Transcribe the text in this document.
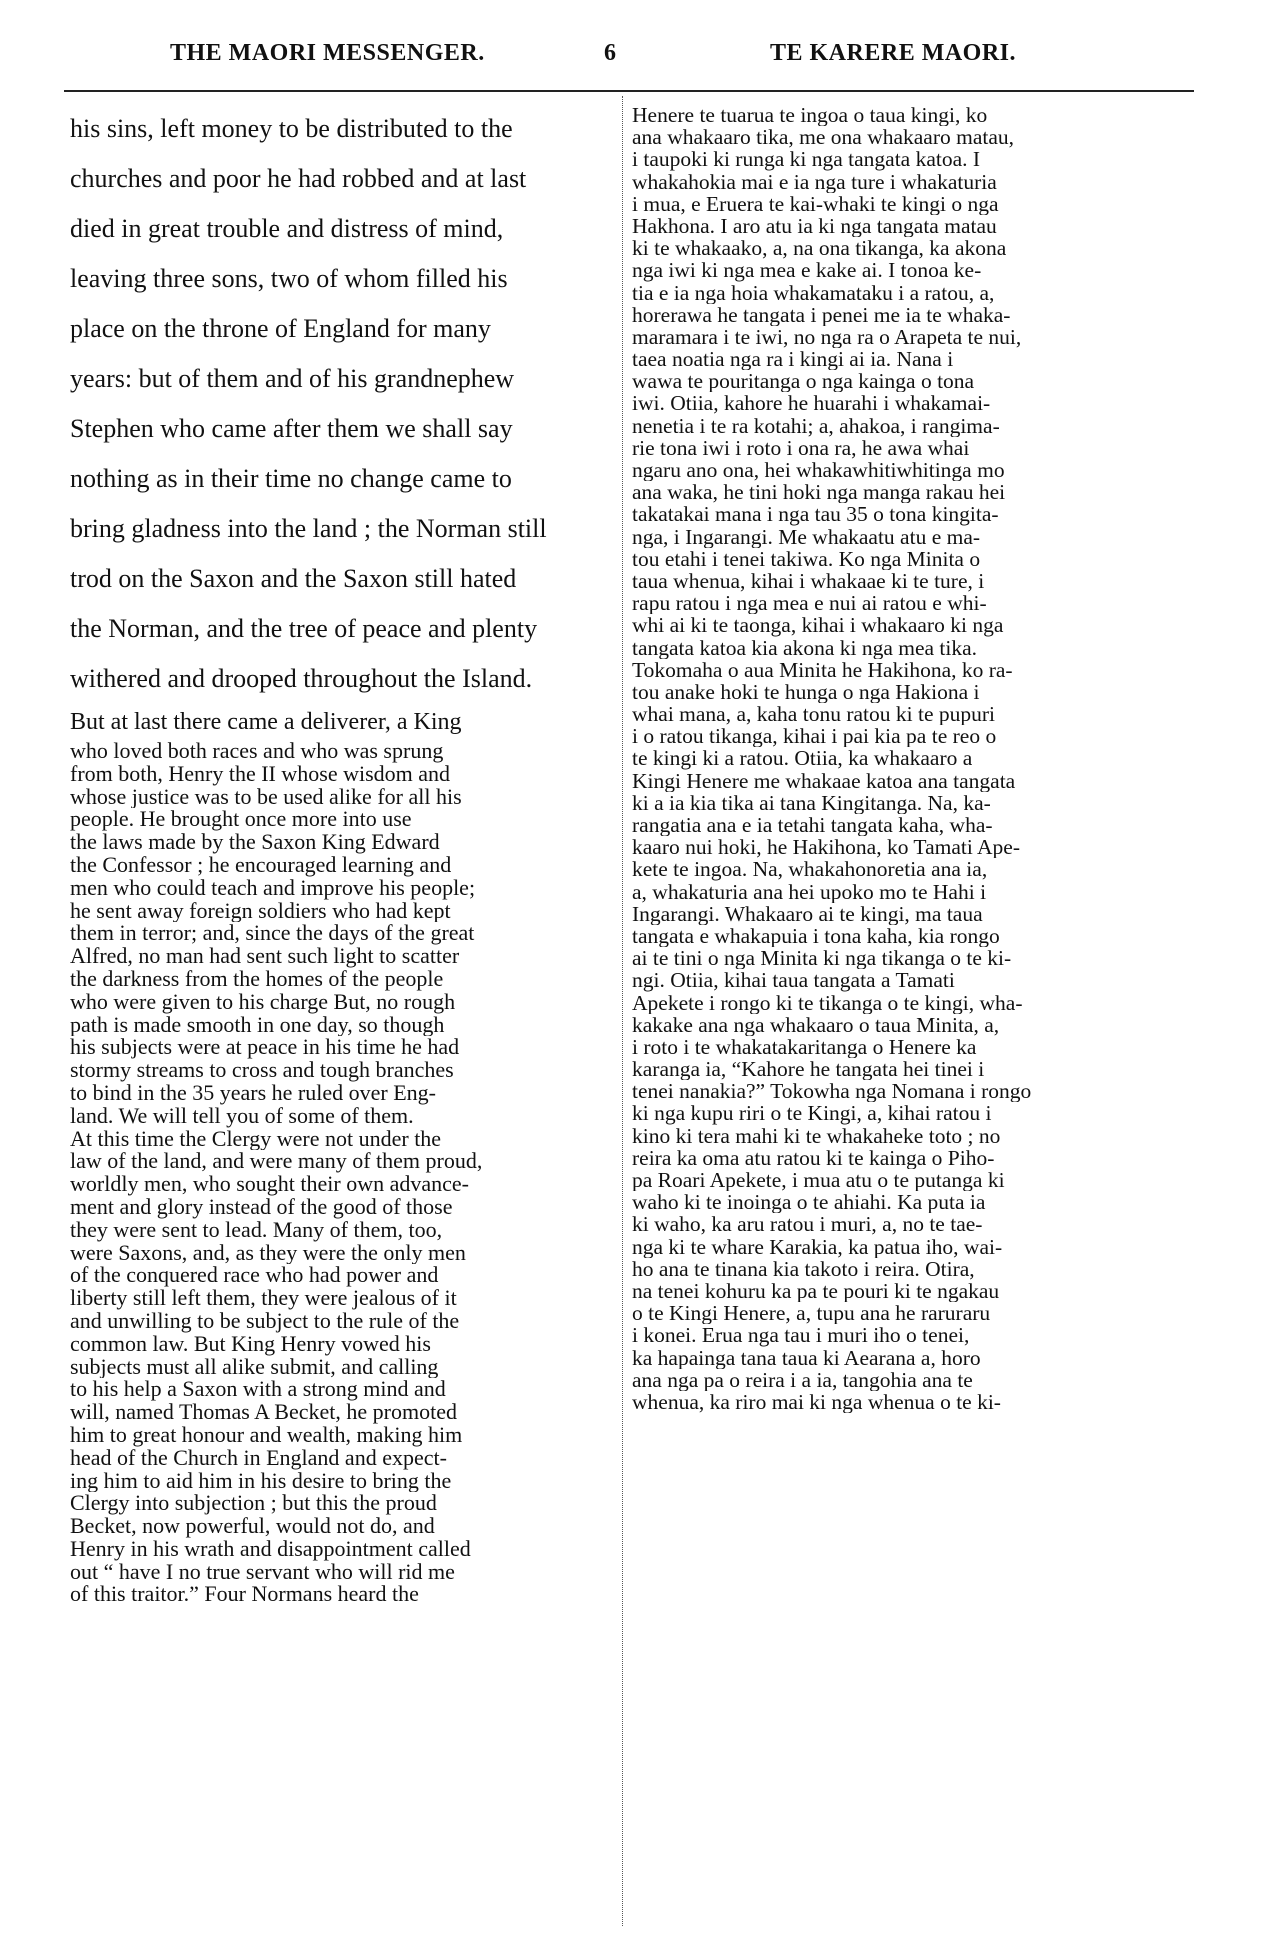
THE MAORI MESSENGER.	6	TE KARERE MAORI.
his sins, left money to be distributed to the
churches and poor he had robbed and at last
died in great trouble and distress of mind,
leaving three sons, two of whom filled his
place on the throne of England for many
years: but of them and of his grandnephew
Stephen who came after them we shall say
nothing as in their time no change came to
bring gladness into the land ; the Norman still
trod on the Saxon and the Saxon still hated
the Norman, and the tree of peace and plenty
withered and drooped throughout the Island.
But at last there came a deliverer, a King
who loved both races and who was sprung
from both, Henry the II whose wisdom and
whose justice was to be used alike for all his
people. He brought once more into use
the laws made by the Saxon King Edward
the Confessor ; he encouraged learning and
men who could teach and improve his people;
he sent away foreign soldiers who had kept
them in terror; and, since the days of the great
Alfred, no man had sent such light to scatter
the darkness from the homes of the people
who were given to his charge But, no rough
path is made smooth in one day, so though
his subjects were at peace in his time he had
stormy streams to cross and tough branches
to bind in the 35 years he ruled over Eng-
land. We will tell you of some of them.
At this time the Clergy were not under the
law of the land, and were many of them proud,
worldly men, who sought their own advance-
ment and glory instead of the good of those
they were sent to lead. Many of them, too,
were Saxons, and, as they were the only men
of the conquered race who had power and
liberty still left them, they were jealous of it
and unwilling to be subject to the rule of the
common law. But King Henry vowed his
subjects must all alike submit, and calling
to his help a Saxon with a strong mind and
will, named Thomas A Becket, he promoted
him to great honour and wealth, making him
head of the Church in England and expect-
ing him to aid him in his desire to bring the
Clergy into subjection ; but this the proud
Becket, now powerful, would not do, and
Henry in his wrath and disappointment called
out “ have I no true servant who will rid me
of this traitor.” Four Normans heard the
Henere te tuarua te ingoa o taua kingi, ko
ana whakaaro tika, me ona whakaaro matau,
i taupoki ki runga ki nga tangata katoa. I
whakahokia mai e ia nga ture i whakaturia
i mua, e Eruera te kai-whaki te kingi o nga
Hakhona. I aro atu ia ki nga tangata matau
ki te whakaako, a, na ona tikanga, ka akona
nga iwi ki nga mea e kake ai. I tonoa ke-
tia e ia nga hoia whakamataku i a ratou, a,
horerawa he tangata i penei me ia te whaka-
maramara i te iwi, no nga ra o Arapeta te nui,
taea noatia nga ra i kingi ai ia. Nana i
wawa te pouritanga o nga kainga o tona
iwi. Otiia, kahore he huarahi i whakamai-
nenetia i te ra kotahi; a, ahakoa, i rangima-
rie tona iwi i roto i ona ra, he awa whai
ngaru ano ona, hei whakawhitiwhitinga mo
ana waka, he tini hoki nga manga rakau hei
takatakai mana i nga tau 35 o tona kingita-
nga, i Ingarangi. Me whakaatu atu e ma-
tou etahi i tenei takiwa. Ko nga Minita o
taua whenua, kihai i whakaae ki te ture, i
rapu ratou i nga mea e nui ai ratou e whi-
whi ai ki te taonga, kihai i whakaaro ki nga
tangata katoa kia akona ki nga mea tika.
Tokomaha o aua Minita he Hakihona, ko ra-
tou anake hoki te hunga o nga Hakiona i
whai mana, a, kaha tonu ratou ki te pupuri
i o ratou tikanga, kihai i pai kia pa te reo o
te kingi ki a ratou. Otiia, ka whakaaro a
Kingi Henere me whakaae katoa ana tangata
ki a ia kia tika ai tana Kingitanga. Na, ka-
rangatia ana e ia tetahi tangata kaha, wha-
kaaro nui hoki, he Hakihona, ko Tamati Ape-
kete te ingoa. Na, whakahonoretia ana ia,
a, whakaturia ana hei upoko mo te Hahi i
Ingarangi. Whakaaro ai te kingi, ma taua
tangata e whakapuia i tona kaha, kia rongo
ai te tini o nga Minita ki nga tikanga o te ki-
ngi. Otiia, kihai taua tangata a Tamati
Apekete i rongo ki te tikanga o te kingi, wha-
kakake ana nga whakaaro o taua Minita, a,
i roto i te whakatakaritanga o Henere ka
karanga ia, “Kahore he tangata hei tinei i
tenei nanakia?” Tokowha nga Nomana i rongo
ki nga kupu riri o te Kingi, a, kihai ratou i
kino ki tera mahi ki te whakaheke toto ; no
reira ka oma atu ratou ki te kainga o Piho-
pa Roari Apekete, i mua atu o te putanga ki
waho ki te inoinga o te ahiahi. Ka puta ia
ki waho, ka aru ratou i muri, a, no te tae-
nga ki te whare Karakia, ka patua iho, wai-
ho ana te tinana kia takoto i reira. Otira,
na tenei kohuru ka pa te pouri ki te ngakau
o te Kingi Henere, a, tupu ana he raruraru
i konei. Erua nga tau i muri iho o tenei,
ka hapainga tana taua ki Aearana a, horo
ana nga pa o reira i a ia, tangohia ana te
whenua, ka riro mai ki nga whenua o te ki-
